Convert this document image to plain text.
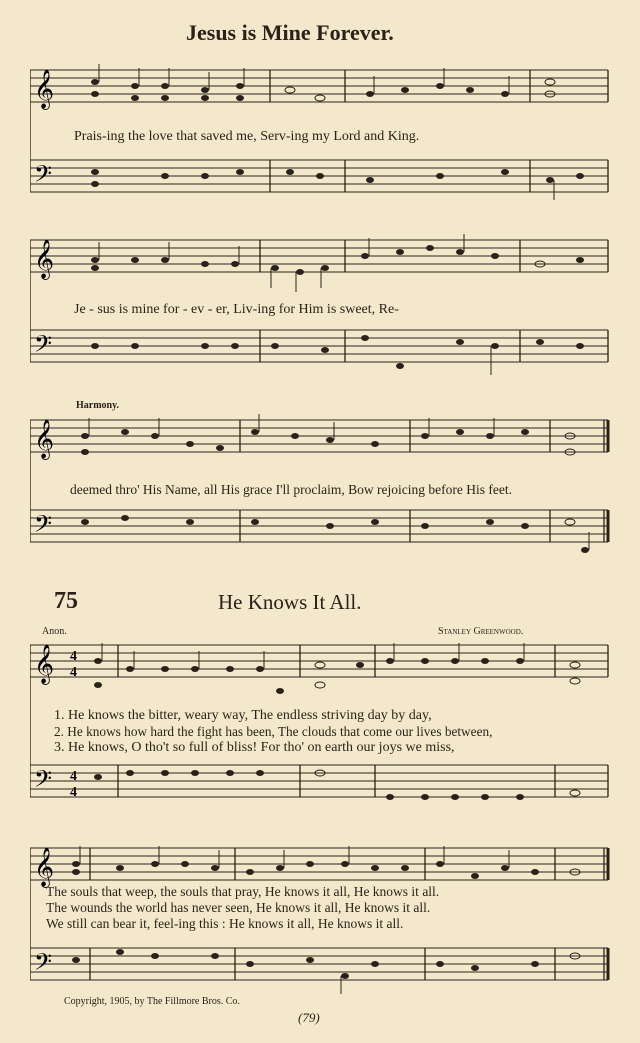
Jesus is Mine Forever.
𝄞
𝄢
Prais-ing the love that saved me, Serv-ing my Lord and King.
𝄞
𝄢
Je - sus is mine for - ev - er, Liv-ing for Him is sweet, Re-
Harmony.
𝄞
𝄢
deemed thro' His Name, all His grace I'll proclaim, Bow rejoicing before His feet.
75	He Knows It All.
Anon.	Stanley Greenwood.
𝄞
𝄢
4
4
4
4
1. He knows the bitter, weary way, The endless striving day by day,
2. He knows how hard the fight has been, The clouds that come our lives between,
3. He knows, O tho't so full of bliss! For tho' on earth our joys we miss,
𝄞
𝄢
The souls that weep, the souls that pray, He knows it all, He knows it all.
The wounds the world has never seen, He knows it all, He knows it all.
We still can bear it, feel-ing this : He knows it all, He knows it all.
Copyright, 1905, by The Fillmore Bros. Co.
(79)
